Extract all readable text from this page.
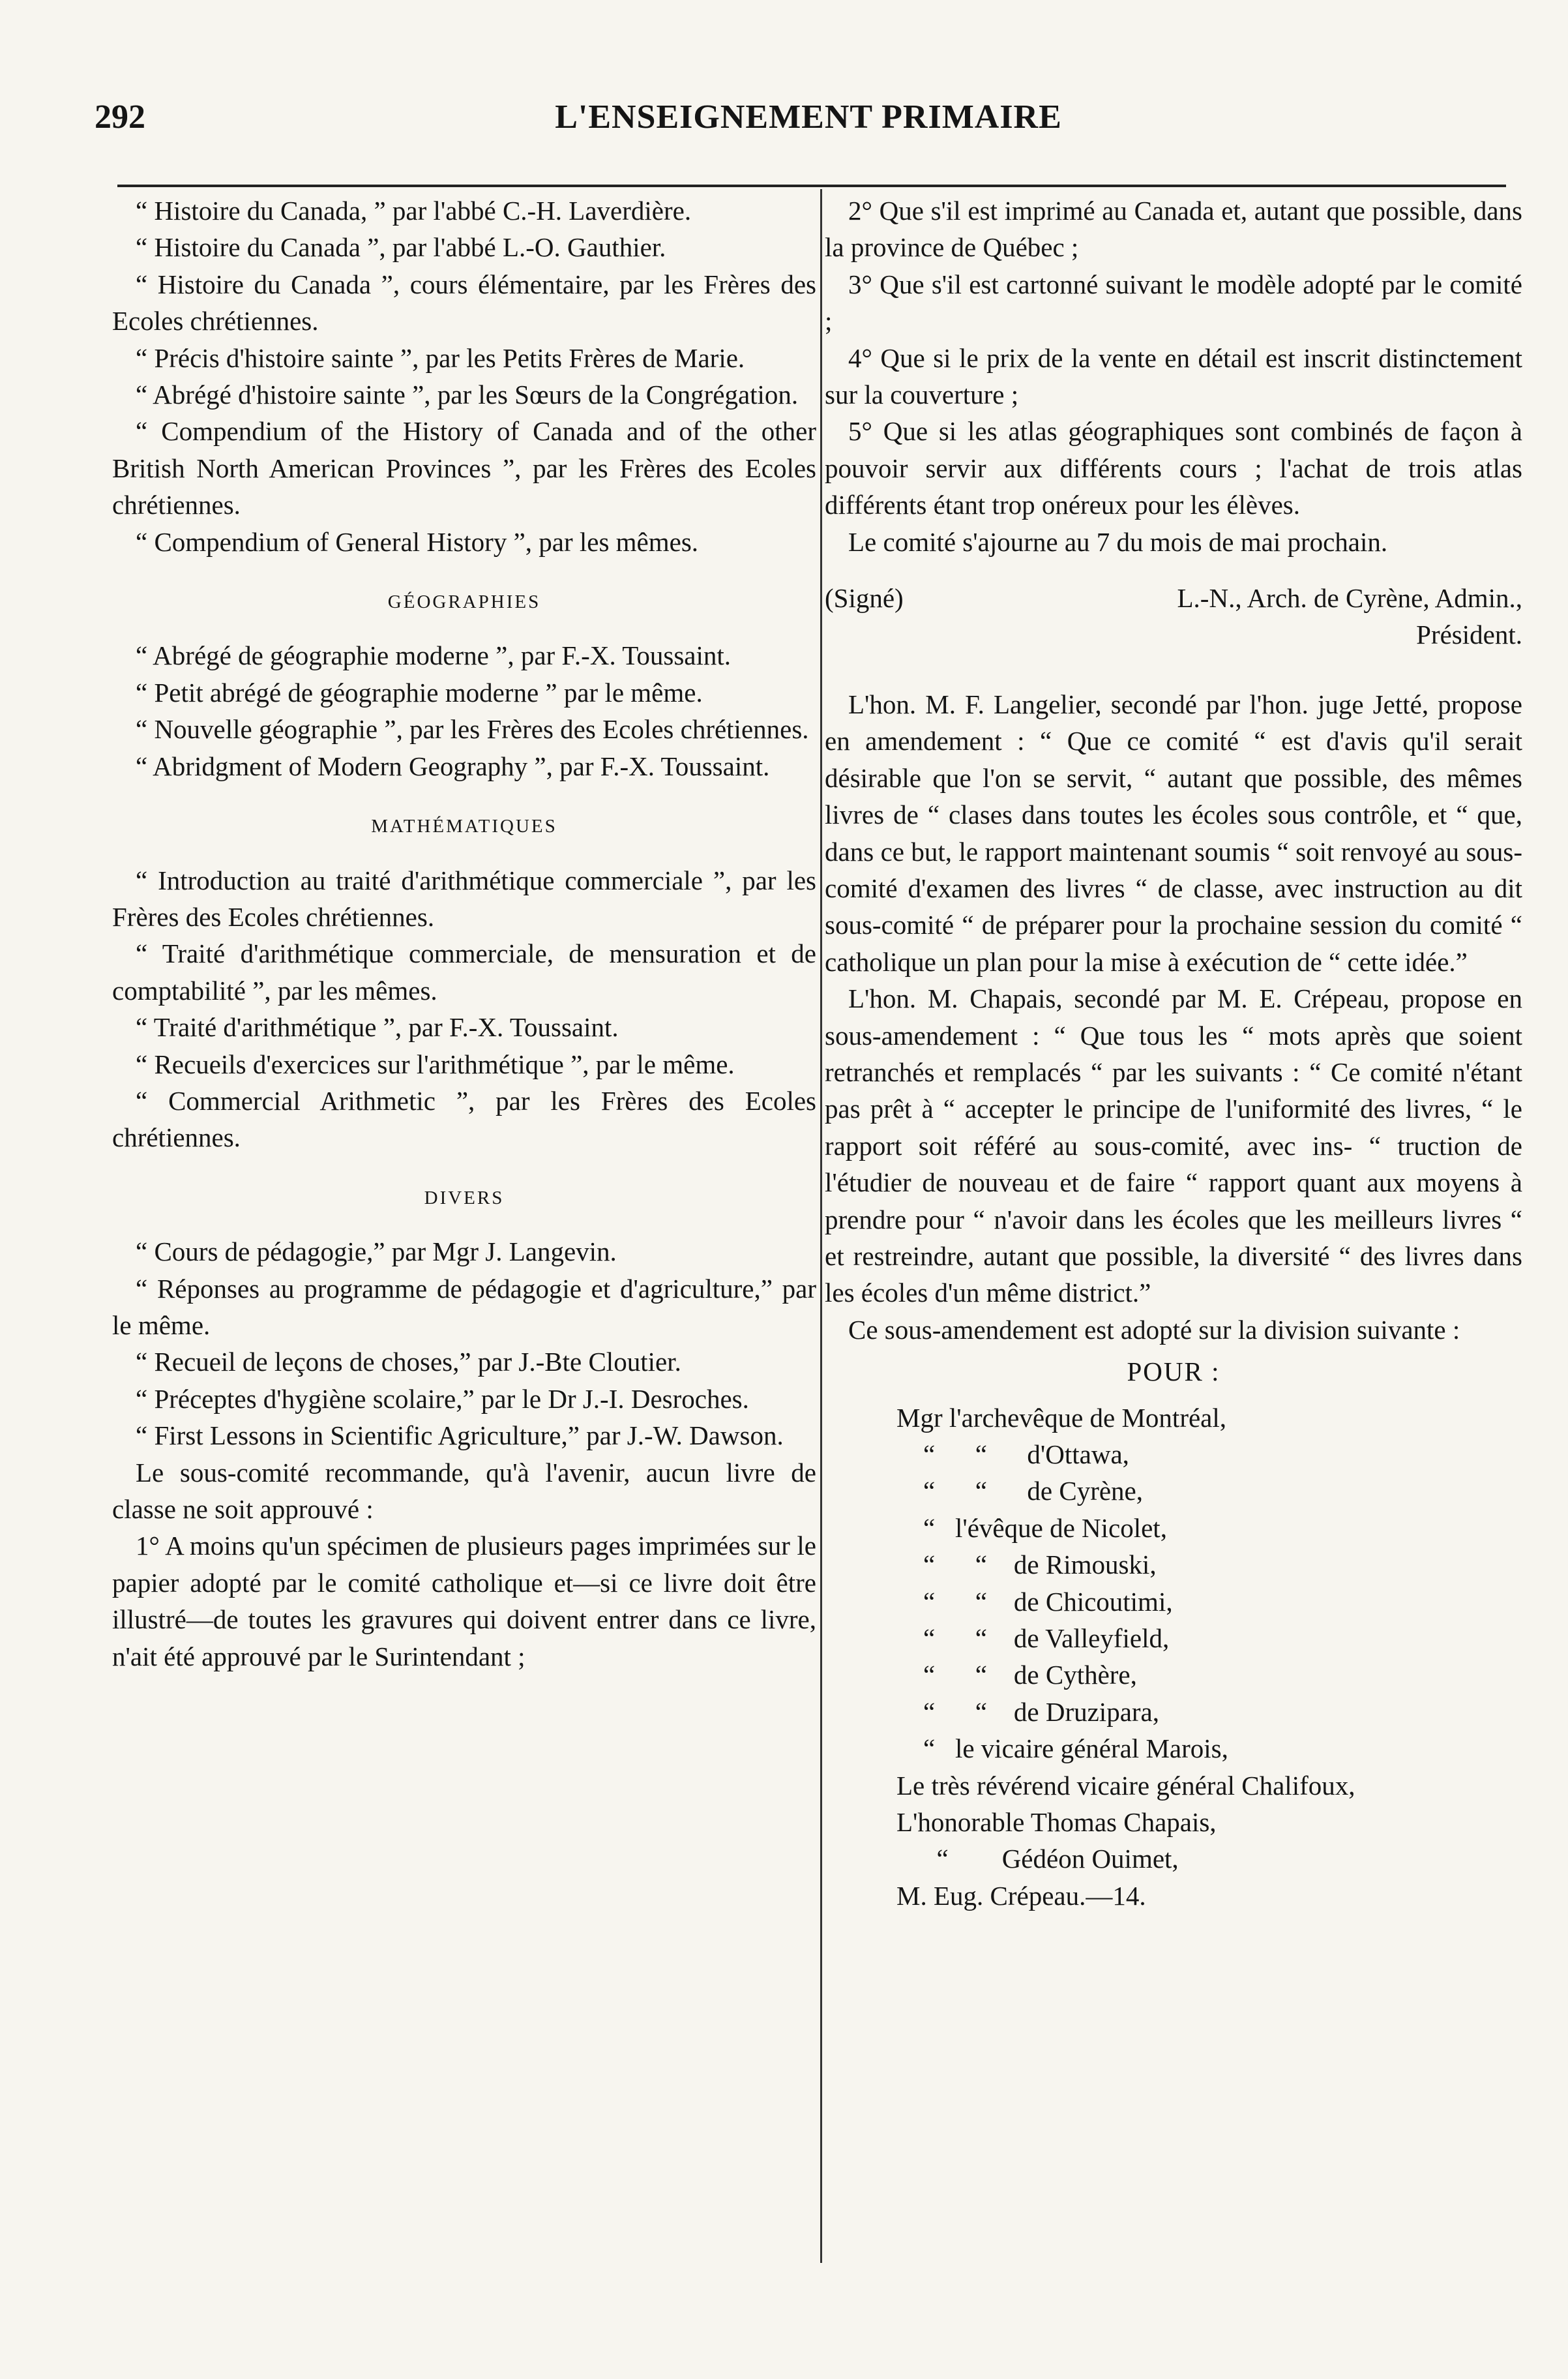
292	L'ENSEIGNEMENT PRIMAIRE

“ Histoire du Canada, ” par l'abbé C.-H. Laverdière.

“ Histoire du Canada ”, par l'abbé L.-O. Gauthier.

“ Histoire du Canada ”, cours élémentaire, par les Frères des Ecoles chrétiennes.

“ Précis d'histoire sainte ”, par les Petits Frères de Marie.

“ Abrégé d'histoire sainte ”, par les Sœurs de la Congrégation.

“ Compendium of the History of Canada and of the other British North American Provinces ”, par les Frères des Ecoles chrétiennes.

“ Compendium of General History ”, par les mêmes.

GÉOGRAPHIES

“ Abrégé de géographie moderne ”, par F.-X. Toussaint.

“ Petit abrégé de géographie moderne ” par le même.

“ Nouvelle géographie ”, par les Frères des Ecoles chrétiennes.

“ Abridgment of Modern Geography ”, par F.-X. Toussaint.

MATHÉMATIQUES

“ Introduction au traité d'arithmétique commerciale ”, par les Frères des Ecoles chrétiennes.

“ Traité d'arithmétique commerciale, de mensuration et de comptabilité ”, par les mêmes.

“ Traité d'arithmétique ”, par F.-X. Toussaint.

“ Recueils d'exercices sur l'arithmétique ”, par le même.

“ Commercial Arithmetic ”, par les Frères des Ecoles chrétiennes.

DIVERS

“ Cours de pédagogie,” par Mgr J. Langevin.

“ Réponses au programme de pédagogie et d'agriculture,” par le même.

“ Recueil de leçons de choses,” par J.-Bte Cloutier.

“ Préceptes d'hygiène scolaire,” par le Dr J.-I. Desroches.

“ First Lessons in Scientific Agriculture,” par J.-W. Dawson.

Le sous-comité recommande, qu'à l'avenir, aucun livre de classe ne soit approuvé :

1° A moins qu'un spécimen de plusieurs pages imprimées sur le papier adopté par le comité catholique et—si ce livre doit être illustré—de toutes les gravures qui doivent entrer dans ce livre, n'ait été approuvé par le Surintendant ;

2° Que s'il est imprimé au Canada et, autant que possible, dans la province de Québec ;

3° Que s'il est cartonné suivant le modèle adopté par le comité ;

4° Que si le prix de la vente en détail est inscrit distinctement sur la couverture ;

5° Que si les atlas géographiques sont combinés de façon à pouvoir servir aux différents cours ; l'achat de trois atlas différents étant trop onéreux pour les élèves.

Le comité s'ajourne au 7 du mois de mai prochain.

(Signé)	L.-N., Arch. de Cyrène, Admin.,

Président.

L'hon. M. F. Langelier, secondé par l'hon. juge Jetté, propose en amendement : “ Que ce comité “ est d'avis qu'il serait désirable que l'on se servit, “ autant que possible, des mêmes livres de “ clases dans toutes les écoles sous contrôle, et “ que, dans ce but, le rapport maintenant soumis “ soit renvoyé au sous-comité d'examen des livres “ de classe, avec instruction au dit sous-comité “ de préparer pour la prochaine session du comité “ catholique un plan pour la mise à exécution de “ cette idée.”

L'hon. M. Chapais, secondé par M. E. Crépeau, propose en sous-amendement : “ Que tous les “ mots après que soient retranchés et remplacés “ par les suivants : “ Ce comité n'étant pas prêt à “ accepter le principe de l'uniformité des livres, “ le rapport soit référé au sous-comité, avec ins- “ truction de l'étudier de nouveau et de faire “ rapport quant aux moyens à prendre pour “ n'avoir dans les écoles que les meilleurs livres “ et restreindre, autant que possible, la diversité “ des livres dans les écoles d'un même district.”

Ce sous-amendement est adopté sur la division suivante :

POUR :

Mgr l'archevêque de Montréal,
“      “      d'Ottawa,
“      “      de Cyrène,
“   l'évêque de Nicolet,
“      “    de Rimouski,
“      “    de Chicoutimi,
“      “    de Valleyfield,
“      “    de Cythère,
“      “    de Druzipara,
“   le vicaire général Marois,
Le très révérend vicaire général Chalifoux,
L'honorable Thomas Chapais,
“        Gédéon Ouimet,
M. Eug. Crépeau.—14.
